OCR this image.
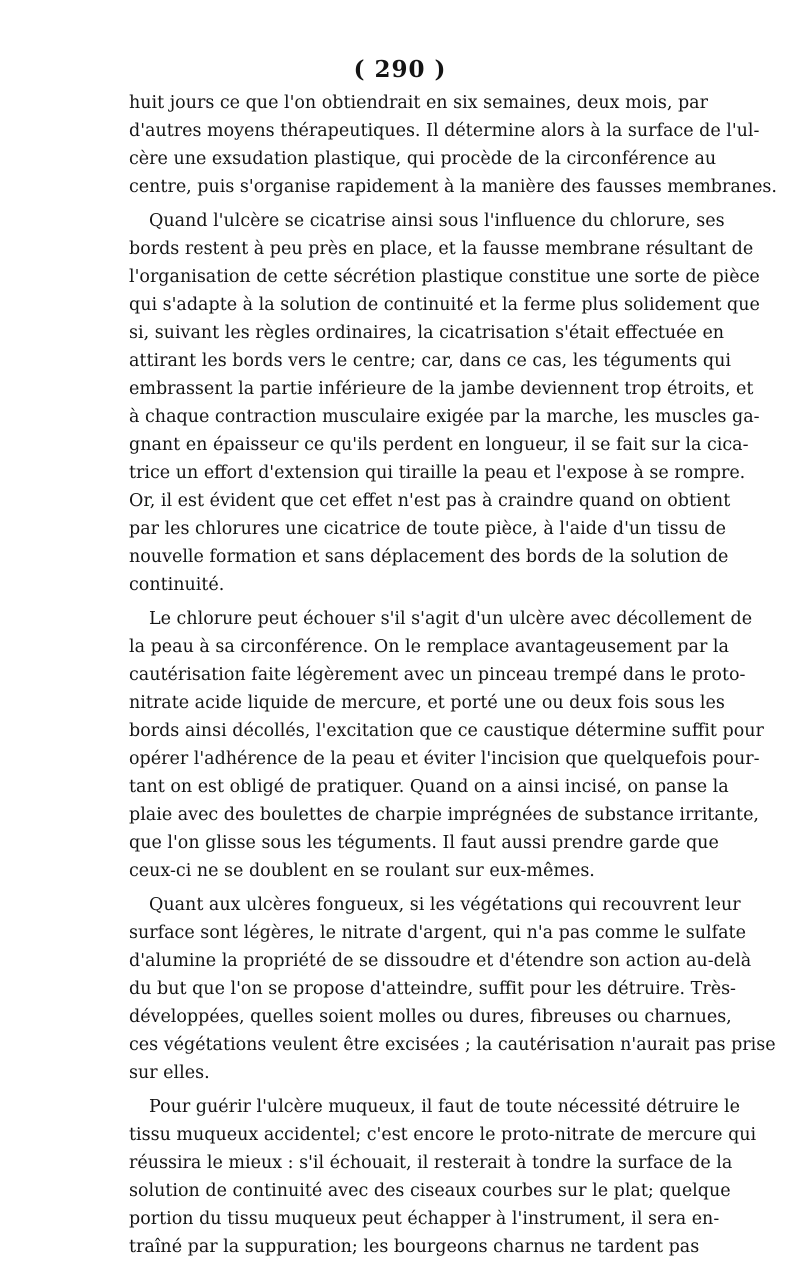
( 290 )
huit jours ce que l'on obtiendrait en six semaines, deux mois, par
d'autres moyens thérapeutiques. Il détermine alors à la surface de l'ul-
cère une exsudation plastique, qui procède de la circonférence au
centre, puis s'organise rapidement à la manière des fausses membranes.
Quand l'ulcère se cicatrise ainsi sous l'influence du chlorure, ses
bords restent à peu près en place, et la fausse membrane résultant de
l'organisation de cette sécrétion plastique constitue une sorte de pièce
qui s'adapte à la solution de continuité et la ferme plus solidement que
si, suivant les règles ordinaires, la cicatrisation s'était effectuée en
attirant les bords vers le centre; car, dans ce cas, les téguments qui
embrassent la partie inférieure de la jambe deviennent trop étroits, et
à chaque contraction musculaire exigée par la marche, les muscles ga-
gnant en épaisseur ce qu'ils perdent en longueur, il se fait sur la cica-
trice un effort d'extension qui tiraille la peau et l'expose à se rompre.
Or, il est évident que cet effet n'est pas à craindre quand on obtient
par les chlorures une cicatrice de toute pièce, à l'aide d'un tissu de
nouvelle formation et sans déplacement des bords de la solution de
continuité.
Le chlorure peut échouer s'il s'agit d'un ulcère avec décollement de
la peau à sa circonférence. On le remplace avantageusement par la
cautérisation faite légèrement avec un pinceau trempé dans le proto-
nitrate acide liquide de mercure, et porté une ou deux fois sous les
bords ainsi décollés, l'excitation que ce caustique détermine suffit pour
opérer l'adhérence de la peau et éviter l'incision que quelquefois pour-
tant on est obligé de pratiquer. Quand on a ainsi incisé, on panse la
plaie avec des boulettes de charpie imprégnées de substance irritante,
que l'on glisse sous les téguments. Il faut aussi prendre garde que
ceux-ci ne se doublent en se roulant sur eux-mêmes.
Quant aux ulcères fongueux, si les végétations qui recouvrent leur
surface sont légères, le nitrate d'argent, qui n'a pas comme le sulfate
d'alumine la propriété de se dissoudre et d'étendre son action au-delà
du but que l'on se propose d'atteindre, suffit pour les détruire. Très-
développées, quelles soient molles ou dures, fibreuses ou charnues,
ces végétations veulent être excisées ; la cautérisation n'aurait pas prise
sur elles.
Pour guérir l'ulcère muqueux, il faut de toute nécessité détruire le
tissu muqueux accidentel; c'est encore le proto-nitrate de mercure qui
réussira le mieux : s'il échouait, il resterait à tondre la surface de la
solution de continuité avec des ciseaux courbes sur le plat; quelque
portion du tissu muqueux peut échapper à l'instrument, il sera en-
traîné par la suppuration; les bourgeons charnus ne tardent pas
